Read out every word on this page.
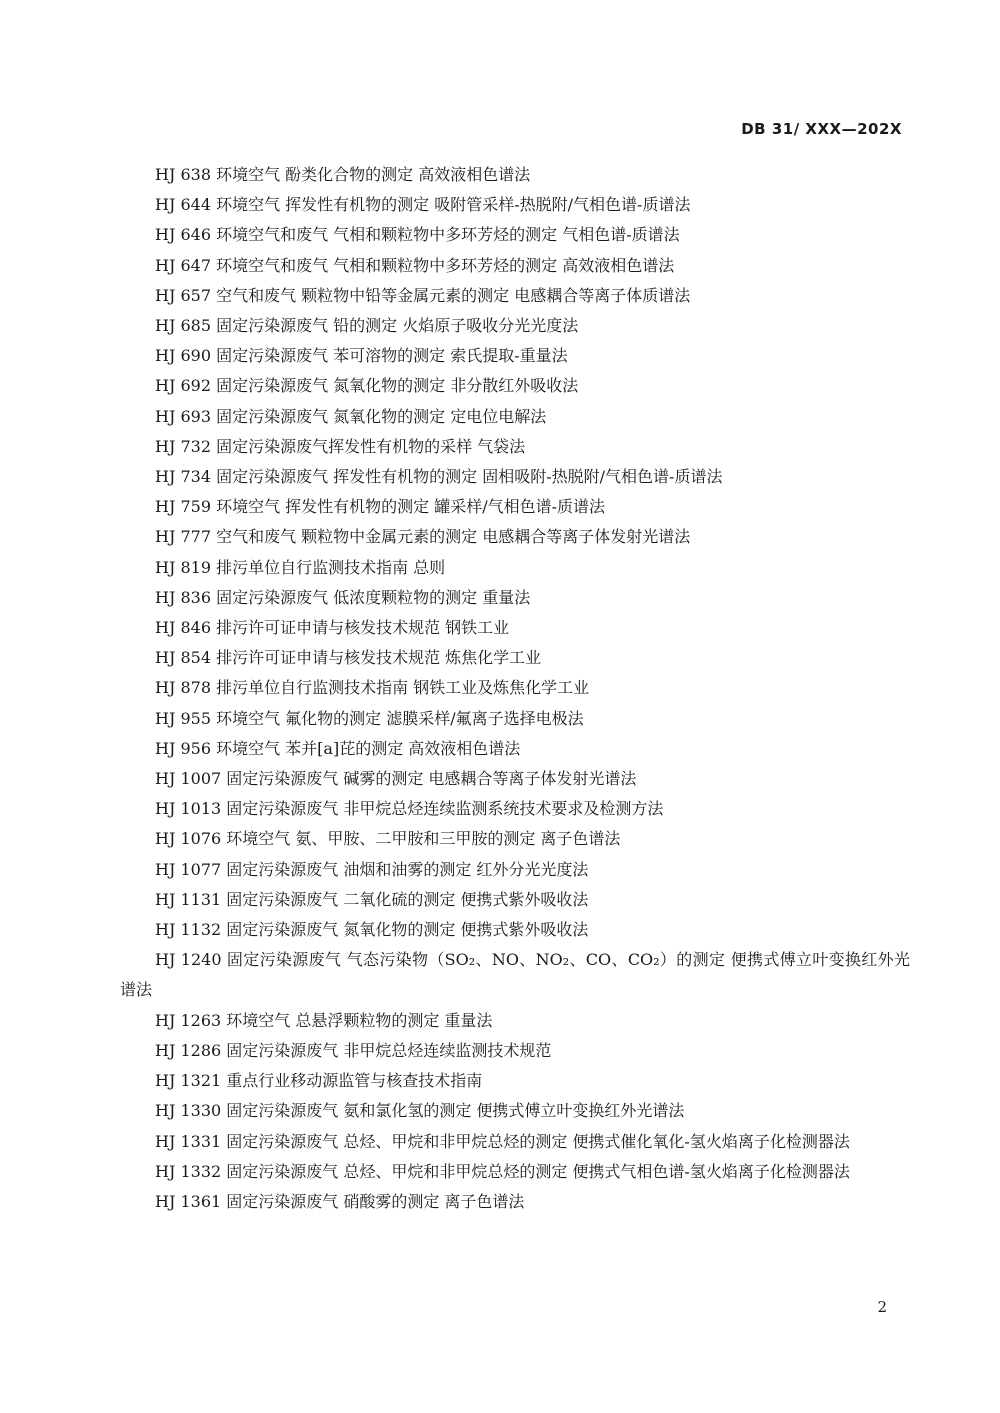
DB 31/ XXX—202X

HJ 638 环境空气 酚类化合物的测定 高效液相色谱法

HJ 644 环境空气 挥发性有机物的测定 吸附管采样-热脱附/气相色谱-质谱法

HJ 646 环境空气和废气 气相和颗粒物中多环芳烃的测定 气相色谱-质谱法

HJ 647 环境空气和废气 气相和颗粒物中多环芳烃的测定 高效液相色谱法

HJ 657 空气和废气 颗粒物中铅等金属元素的测定 电感耦合等离子体质谱法

HJ 685 固定污染源废气 铅的测定 火焰原子吸收分光光度法

HJ 690 固定污染源废气 苯可溶物的测定 索氏提取-重量法

HJ 692 固定污染源废气 氮氧化物的测定 非分散红外吸收法

HJ 693 固定污染源废气 氮氧化物的测定 定电位电解法

HJ 732 固定污染源废气挥发性有机物的采样 气袋法

HJ 734 固定污染源废气 挥发性有机物的测定 固相吸附-热脱附/气相色谱-质谱法

HJ 759 环境空气 挥发性有机物的测定 罐采样/气相色谱-质谱法

HJ 777 空气和废气 颗粒物中金属元素的测定 电感耦合等离子体发射光谱法

HJ 819 排污单位自行监测技术指南 总则

HJ 836 固定污染源废气 低浓度颗粒物的测定 重量法

HJ 846 排污许可证申请与核发技术规范 钢铁工业

HJ 854 排污许可证申请与核发技术规范 炼焦化学工业

HJ 878 排污单位自行监测技术指南 钢铁工业及炼焦化学工业

HJ 955 环境空气 氟化物的测定 滤膜采样/氟离子选择电极法

HJ 956 环境空气 苯并[a]芘的测定 高效液相色谱法

HJ 1007 固定污染源废气 碱雾的测定 电感耦合等离子体发射光谱法

HJ 1013 固定污染源废气 非甲烷总烃连续监测系统技术要求及检测方法

HJ 1076 环境空气 氨、甲胺、二甲胺和三甲胺的测定 离子色谱法

HJ 1077 固定污染源废气 油烟和油雾的测定 红外分光光度法

HJ 1131 固定污染源废气 二氧化硫的测定 便携式紫外吸收法

HJ 1132 固定污染源废气 氮氧化物的测定 便携式紫外吸收法

HJ 1240 固定污染源废气 气态污染物（SO₂、NO、NO₂、CO、CO₂）的测定 便携式傅立叶变换红外光谱法

HJ 1263 环境空气 总悬浮颗粒物的测定 重量法

HJ 1286 固定污染源废气 非甲烷总烃连续监测技术规范

HJ 1321 重点行业移动源监管与核查技术指南

HJ 1330 固定污染源废气 氨和氯化氢的测定 便携式傅立叶变换红外光谱法

HJ 1331 固定污染源废气 总烃、甲烷和非甲烷总烃的测定 便携式催化氧化-氢火焰离子化检测器法

HJ 1332 固定污染源废气 总烃、甲烷和非甲烷总烃的测定 便携式气相色谱-氢火焰离子化检测器法

HJ 1361 固定污染源废气 硝酸雾的测定 离子色谱法

2
